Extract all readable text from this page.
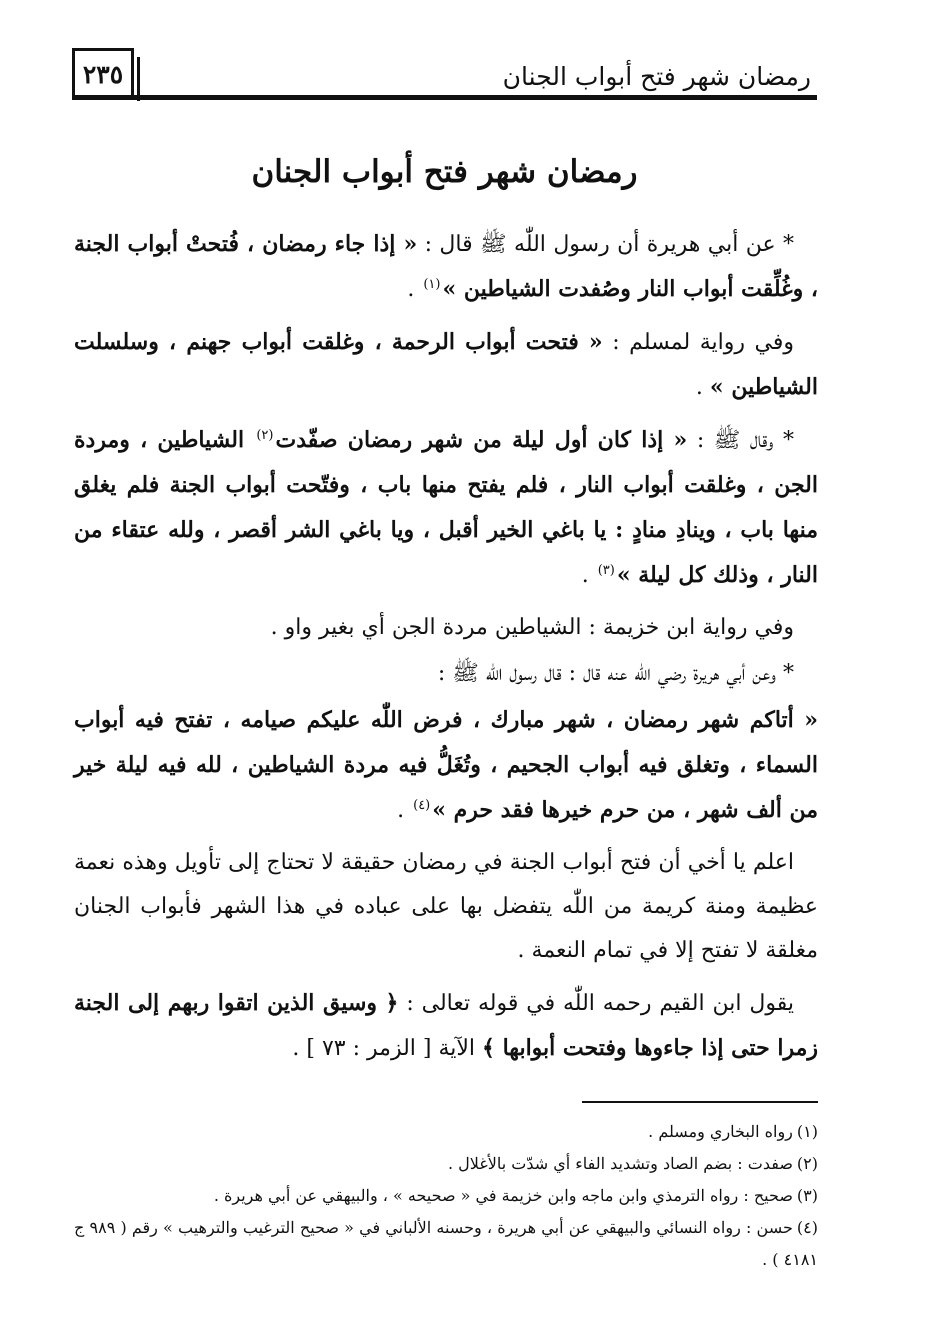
رمضان شهر فتح أبواب الجنان
٢٣٥
رمضان شهر فتح أبواب الجنان

* عن أبي هريرة أن رسول اللّٰه ﷺ قال : « إذا جاء رمضان ، فُتحتْ أبواب الجنة ، وغُلِّقت أبواب النار وصُفدت الشياطين »$^{(١)}$ .

وفي رواية لمسلم : « فتحت أبواب الرحمة ، وغلقت أبواب جهنم ، وسلسلت الشياطين » .

* وقال ﷺ : « إذا كان أول ليلة من شهر رمضان صفّدت$^{(٢)}$ الشياطين ، ومردة الجن ، وغلقت أبواب النار ، فلم يفتح منها باب ، وفتّحت أبواب الجنة فلم يغلق منها باب ، وينادِ منادٍ : يا باغي الخير أقبل ، ويا باغي الشر أقصر ، ولله عتقاء من النار ، وذلك كل ليلة »$^{(٣)}$ .

وفي رواية ابن خزيمة : الشياطين مردة الجن أي بغير واو .

* وعن أبي هريرة رضي اللّٰه عنه قال : قال رسول اللّٰه ﷺ :

« أتاكم شهر رمضان ، شهر مبارك ، فرض اللّٰه عليكم صيامه ، تفتح فيه أبواب السماء ، وتغلق فيه أبواب الجحيم ، وتُغَلُّ فيه مردة الشياطين ، لله فيه ليلة خير من ألف شهر ، من حرم خيرها فقد حرم »$^{(٤)}$ .

اعلم يا أخي أن فتح أبواب الجنة في رمضان حقيقة لا تحتاج إلى تأويل وهذه نعمة عظيمة ومنة كريمة من اللّٰه يتفضل بها على عباده في هذا الشهر فأبواب الجنان مغلقة لا تفتح إلا في تمام النعمة .

يقول ابن القيم رحمه اللّٰه في قوله تعالى : ﴿ وسيق الذين اتقوا ربهم إلى الجنة زمرا حتى إذا جاءوها وفتحت أبوابها ﴾ الآية [ الزمر : ٧٣ ] .

(١)رواه البخاري ومسلم .

(٢)صفدت : بضم الصاد وتشديد الفاء أي شدّت بالأغلال .

(٣)صحيح : رواه الترمذي وابن ماجه وابن خزيمة في « صحيحه » ، والبيهقي عن أبي هريرة .

(٤)حسن : رواه النسائي والبيهقي عن أبي هريرة ، وحسنه الألباني في « صحيح الترغيب والترهيب » رقم ( ٩٨٩ ج ٤١٨١ ) .
